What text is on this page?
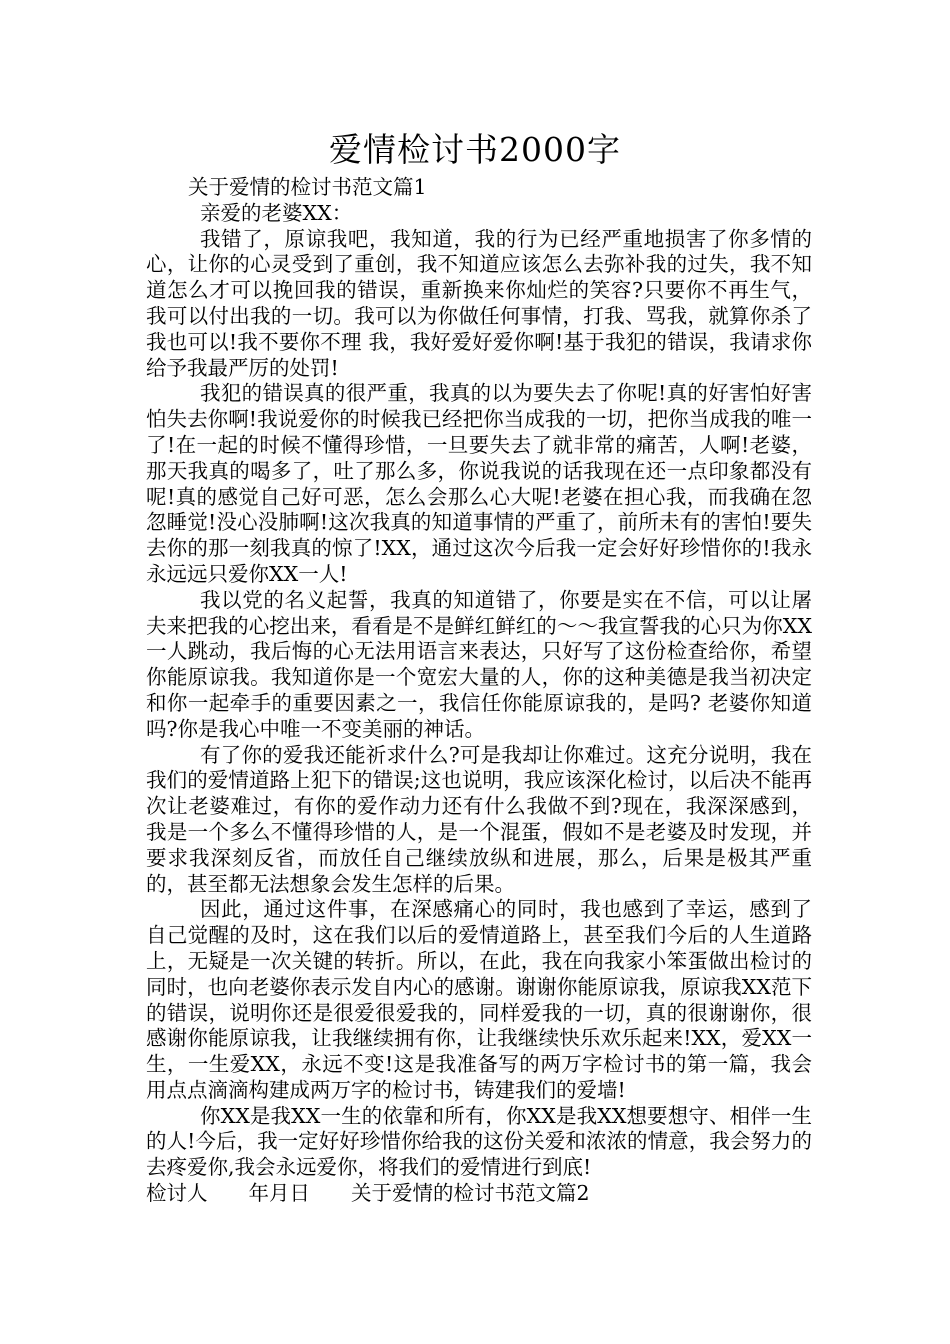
爱情检讨书2000字

关于爱情的检讨书范文篇1

亲爱的老婆XX：

我错了，原谅我吧，我知道，我的行为已经严重地损害了你多情的心，让你的心灵受到了重创，我不知道应该怎么去弥补我的过失，我不知道怎么才可以挽回我的错误，重新换来你灿烂的笑容?只要你不再生气，我可以付出我的一切。我可以为你做任何事情，打我、骂我，就算你杀了我也可以!我不要你不理 我，我好爱好爱你啊!基于我犯的错误，我请求你给予我最严厉的处罚!

我犯的错误真的很严重，我真的以为要失去了你呢!真的好害怕好害怕失去你啊!我说爱你的时候我已经把你当成我的一切，把你当成我的唯一了!在一起的时候不懂得珍惜，一旦要失去了就非常的痛苦，人啊!老婆，那天我真的喝多了，吐了那么多，你说我说的话我现在还一点印象都没有呢!真的感觉自己好可恶，怎么会那么心大呢!老婆在担心我，而我确在忽忽睡觉!没心没肺啊!这次我真的知道事情的严重了，前所未有的害怕!要失去你的那一刻我真的惊了!XX，通过这次今后我一定会好好珍惜你的!我永永远远只爱你XX一人!

我以党的名义起誓，我真的知道错了，你要是实在不信，可以让屠夫来把我的心挖出来，看看是不是鲜红鲜红的～～我宣誓我的心只为你XX一人跳动，我后悔的心无法用语言来表达，只好写了这份检查给你，希望你能原谅我。我知道你是一个宽宏大量的人，你的这种美德是我当初决定和你一起牵手的重要因素之一，我信任你能原谅我的，是吗? 老婆你知道吗?你是我心中唯一不变美丽的神话。

有了你的爱我还能祈求什么?可是我却让你难过。这充分说明，我在我们的爱情道路上犯下的错误;这也说明，我应该深化检讨，以后决不能再次让老婆难过，有你的爱作动力还有什么我做不到?现在，我深深感到，我是一个多么不懂得珍惜的人，是一个混蛋，假如不是老婆及时发现，并要求我深刻反省，而放任自己继续放纵和进展，那么，后果是极其严重的，甚至都无法想象会发生怎样的后果。

因此，通过这件事，在深感痛心的同时，我也感到了幸运，感到了自己觉醒的及时，这在我们以后的爱情道路上，甚至我们今后的人生道路上，无疑是一次关键的转折。所以，在此，我在向我家小笨蛋做出检讨的同时，也向老婆你表示发自内心的感谢。谢谢你能原谅我，原谅我XX范下的错误，说明你还是很爱很爱我的，同样爱我的一切，真的很谢谢你，很感谢你能原谅我，让我继续拥有你，让我继续快乐欢乐起来!XX，爱XX一生，一生爱XX，永远不变!这是我准备写的两万字检讨书的第一篇，我会用点点滴滴构建成两万字的检讨书，铸建我们的爱墙!

你XX是我XX一生的依靠和所有，你XX是我XX想要想守、相伴一生的人!今后，我一定好好珍惜你给我的这份关爱和浓浓的情意，我会努力的去疼爱你,我会永远爱你，将我们的爱情进行到底!

检讨人　　年月日　　关于爱情的检讨书范文篇2
